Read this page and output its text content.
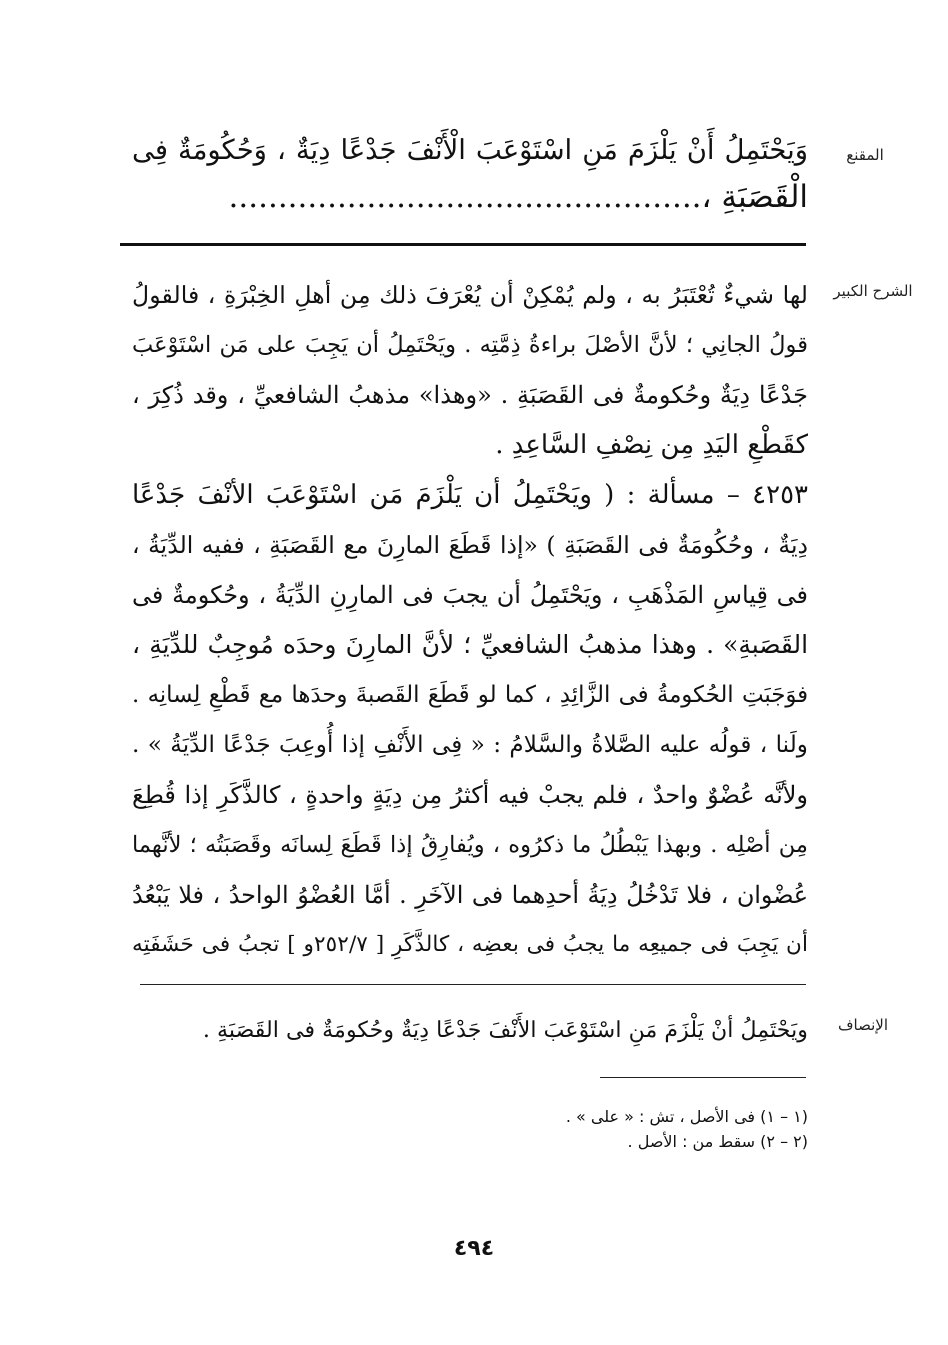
المقنع
وَيَحْتَمِلُ أَنْ يَلْزَمَ مَنِ اسْتَوْعَبَ الْأَنْفَ جَدْعًا دِيَةٌ ، وَحُكُومَةٌ فِى
الْقَصَبَةِ ،................................................
الشرح الكبير
لها شيءٌ تُعْتَبَرُ به ، ولم يُمْكِنْ أن يُعْرَفَ ذلك مِن أهلِ الخِبْرَةِ ، فالقولُ
قولُ الجانِي ؛ لأنَّ الأصْلَ براءةُ ذِمَّتِه . ويَحْتَمِلُ أن يَجِبَ على مَن اسْتَوْعَبَ
جَدْعًا دِيَةٌ وحُكومةٌ فى القَصَبَةِ . «وهذا» مذهبُ الشافعيِّ ، وقد ذُكِرَ ،
كقَطْعِ اليَدِ مِن نِصْفِ السَّاعِدِ .
٤٢٥٣ – مسألة : ( ويَحْتَمِلُ أن يَلْزَمَ مَن اسْتَوْعَبَ الأنْفَ جَدْعًا
دِيَةٌ ، وحُكُومَةٌ فى القَصَبَةِ ) «إذا قَطَعَ المارِنَ مع القَصَبَةِ ، ففيه الدِّيَةُ ،
فى قِياسِ المَذْهَبِ ، ويَحْتَمِلُ أن يجبَ فى المارِنِ الدِّيَةُ ، وحُكومةٌ فى
القَصَبةِ» . وهذا مذهبُ الشافعيِّ ؛ لأنَّ المارِنَ وحدَه مُوجِبٌ للدِّيَةِ ،
فوَجَبَتِ الحُكومةُ فى الزَّائِدِ ، كما لو قَطَعَ القَصبةَ وحدَها مع قَطْعِ لِسانِه .
ولَنا ، قولُه عليه الصَّلاةُ والسَّلامُ : « فِى الأَنْفِ إذا أُوعِبَ جَدْعًا الدِّيَةُ » .
ولأنَّه عُضْوٌ واحدٌ ، فلم يجبْ فيه أكثرُ مِن دِيَةٍ واحدةٍ ، كالذَّكَرِ إذا قُطِعَ
مِن أصْلِه . وبهذا يَبْطُلُ ما ذكرُوه ، ويُفارِقُ إذا قَطَعَ لِسانَه وقَصَبَتُه ؛ لأنَّهما
عُضْوان ، فلا تَدْخُلُ دِيَةُ أحدِهما فى الآخَرِ . أمَّا العُضْوُ الواحدُ ، فلا يَبْعُدُ
أن يَجِبَ فى جميعِه ما يجبُ فى بعضِه ، كالذَّكَرِ [ ٢٥٢/٧و ] تجبُ فى حَشَفَتِه
الإنصاف
ويَحْتَمِلُ أنْ يَلْزَمَ مَنِ اسْتَوْعَبَ الأَنْفَ جَدْعًا دِيَةٌ وحُكومَةٌ فى القَصَبَةِ .
(١ – ١) فى الأصل ، تش : « على » .
(٢ – ٢) سقط من : الأصل .
٤٩٤
